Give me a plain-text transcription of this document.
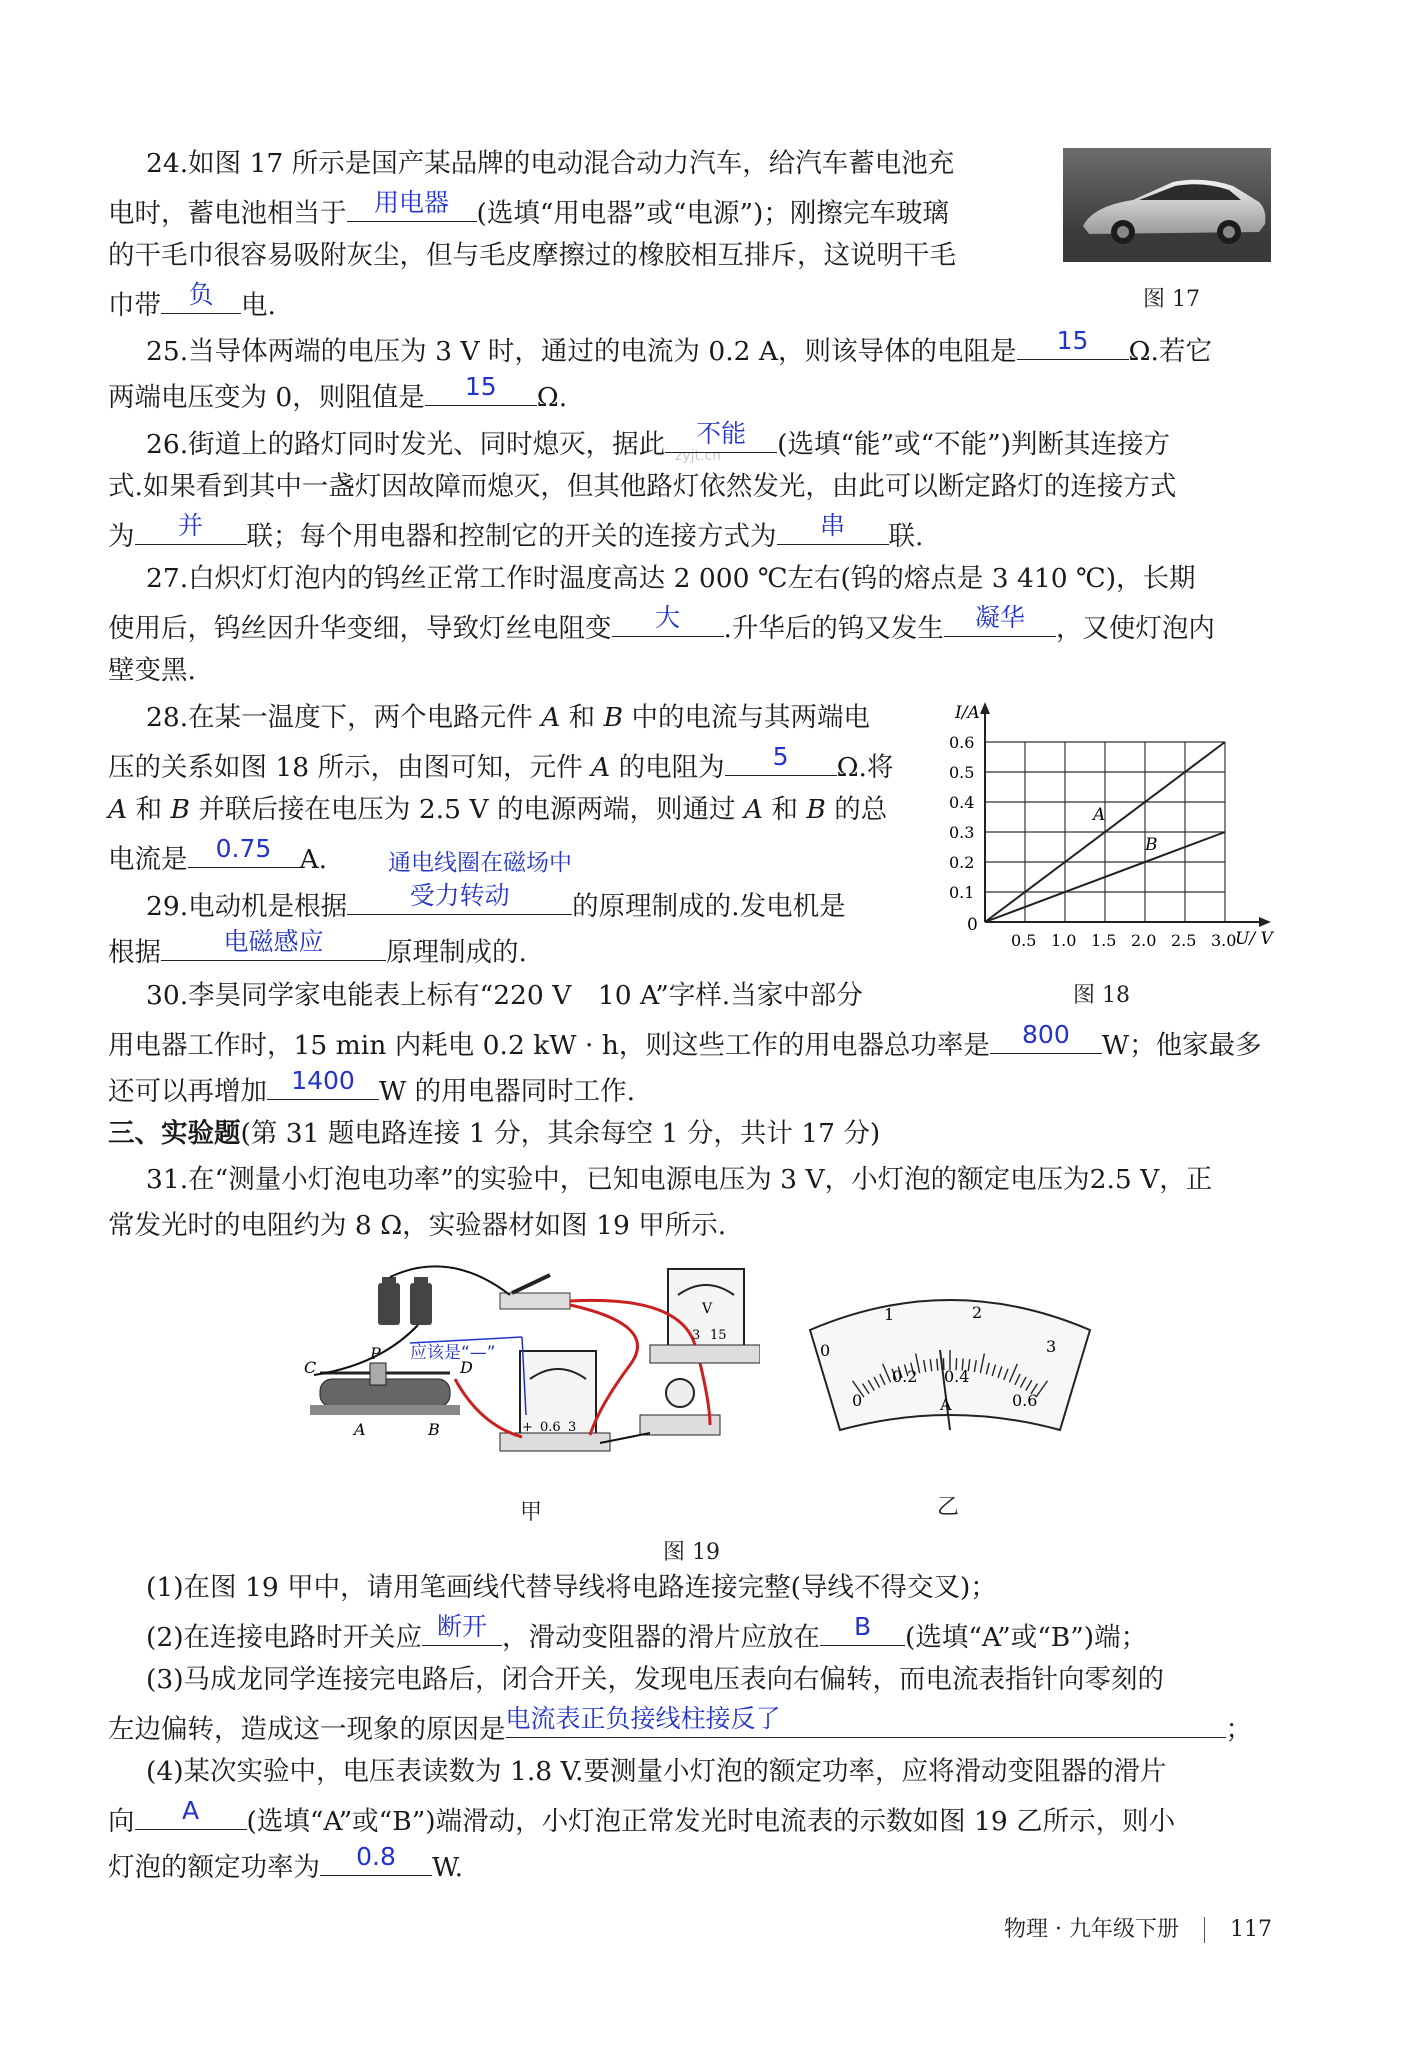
zyjt.cn
24.如图 17 所示是国产某品牌的电动混合动力汽车，给汽车蓄电池充
电时，蓄电池相当于	用电器	(选填“用电器”或“电源”)；刚擦完车玻璃
的干毛巾很容易吸附灰尘，但与毛皮摩擦过的橡胶相互排斥，这说明干毛
巾带	负	电.	图 17
25.当导体两端的电压为 3 V 时，通过的电流为 0.2 A，则该导体的电阻是	15	Ω.若它
两端电压变为 0，则阻值是	15	Ω.
26.街道上的路灯同时发光、同时熄灭，据此	不能	(选填“能”或“不能”)判断其连接方
式.如果看到其中一盏灯因故障而熄灭，但其他路灯依然发光，由此可以断定路灯的连接方式
为	并	联；每个用电器和控制它的开关的连接方式为	串	联.
27.白炽灯灯泡内的钨丝正常工作时温度高达 2 000 ℃左右(钨的熔点是 3 410 ℃)，长期
使用后，钨丝因升华变细，导致灯丝电阻变	大	.升华后的钨又发生	凝华	，又使灯泡内
壁变黑.
28.在某一温度下，两个电路元件 A 和 B 中的电流与其两端电
压的关系如图 18 所示，由图可知，元件 A 的电阻为	5	Ω.将
A 和 B 并联后接在电压为 2.5 V 的电源两端，则通过 A 和 B 的总
电流是	0.75	A.	通电线圈在磁场中
29.电动机是根据	受力转动	的原理制成的.发电机是
根据	电磁感应	原理制成的.
I/A
U/ V
0
0.1
0.2
0.3
0.4
0.5
0.6
0.5 1.0 1.5 2.0 2.5 3.0
A
B
图 18
30.李昊同学家电能表上标有“220 V　10 A”字样.当家中部分
用电器工作时，15 min 内耗电 0.2 kW · h，则这些工作的用电器总功率是	800	W；他家最多
还可以再增加 1400 W 的用电器同时工作.
三、实验题(第 31 题电路连接 1 分，其余每空 1 分，共计 17 分)
31.在“测量小灯泡电功率”的实验中，已知电源电压为 3 V，小灯泡的额定电压为2.5 V，正
常发光时的电阻约为 8 Ω，实验器材如图 19 甲所示.
V
3 15
+ 0.6 3
C
P
D
A	B
应该是“—”	0
1	2
3
0
0.2 0.4
0.6
A
甲	乙
图 19
(1)在图 19 甲中，请用笔画线代替导线将电路连接完整(导线不得交叉)；
(2)在连接电路时开关应 断开 ，滑动变阻器的滑片应放在	B	(选填“A”或“B”)端；
(3)马成龙同学连接完电路后，闭合开关，发现电压表向右偏转，而电流表指针向零刻的
左边偏转，造成这一现象的原因是 电流表正负接线柱接反了	；
(4)某次实验中，电压表读数为 1.8 V.要测量小灯泡的额定功率，应将滑动变阻器的滑片
向	A	(选填“A”或“B”)端滑动，小灯泡正常发光时电流表的示数如图 19 乙所示，则小
灯泡的额定功率为	0.8	W.
物理 · 九年级下册 117
